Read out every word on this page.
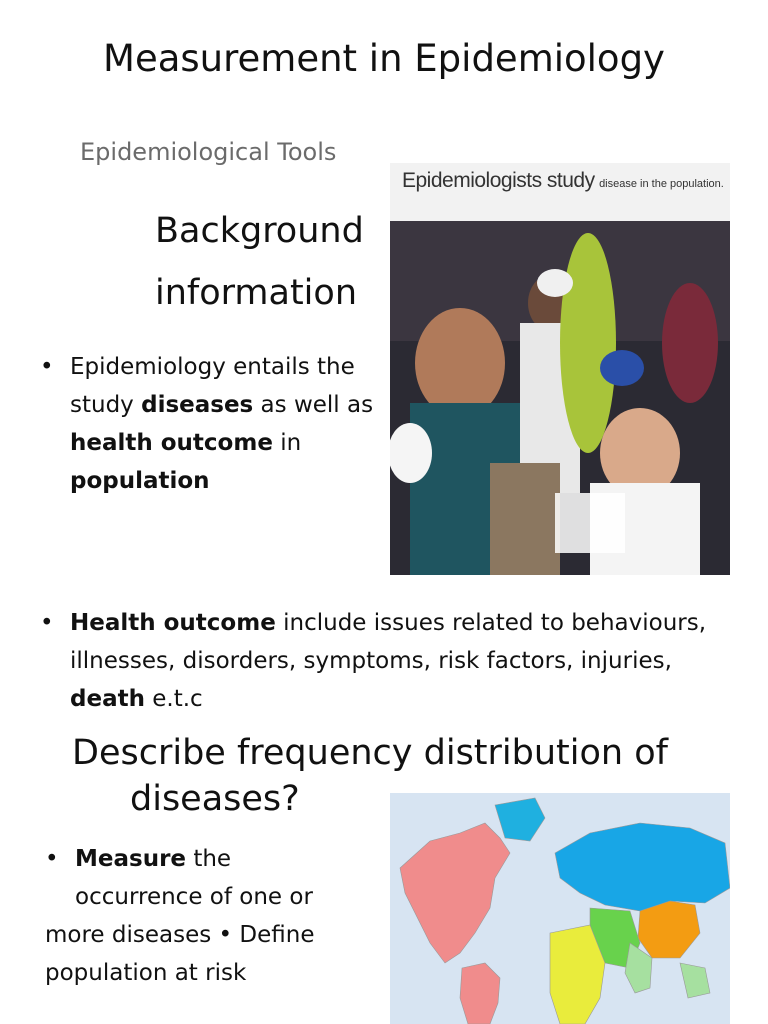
Measurement in Epidemiology
Epidemiological Tools
Background
information
• Epidemiology entails the study diseases as well as health outcome in population
• Health outcome include issues related to behaviours, illnesses, disorders, symptoms, risk factors, injuries, death e.t.c
Describe frequency distribution of
diseases?
• Measure the
occurrence of one or
more diseases • Define
population at risk
Epidemiologists study disease in the population.
